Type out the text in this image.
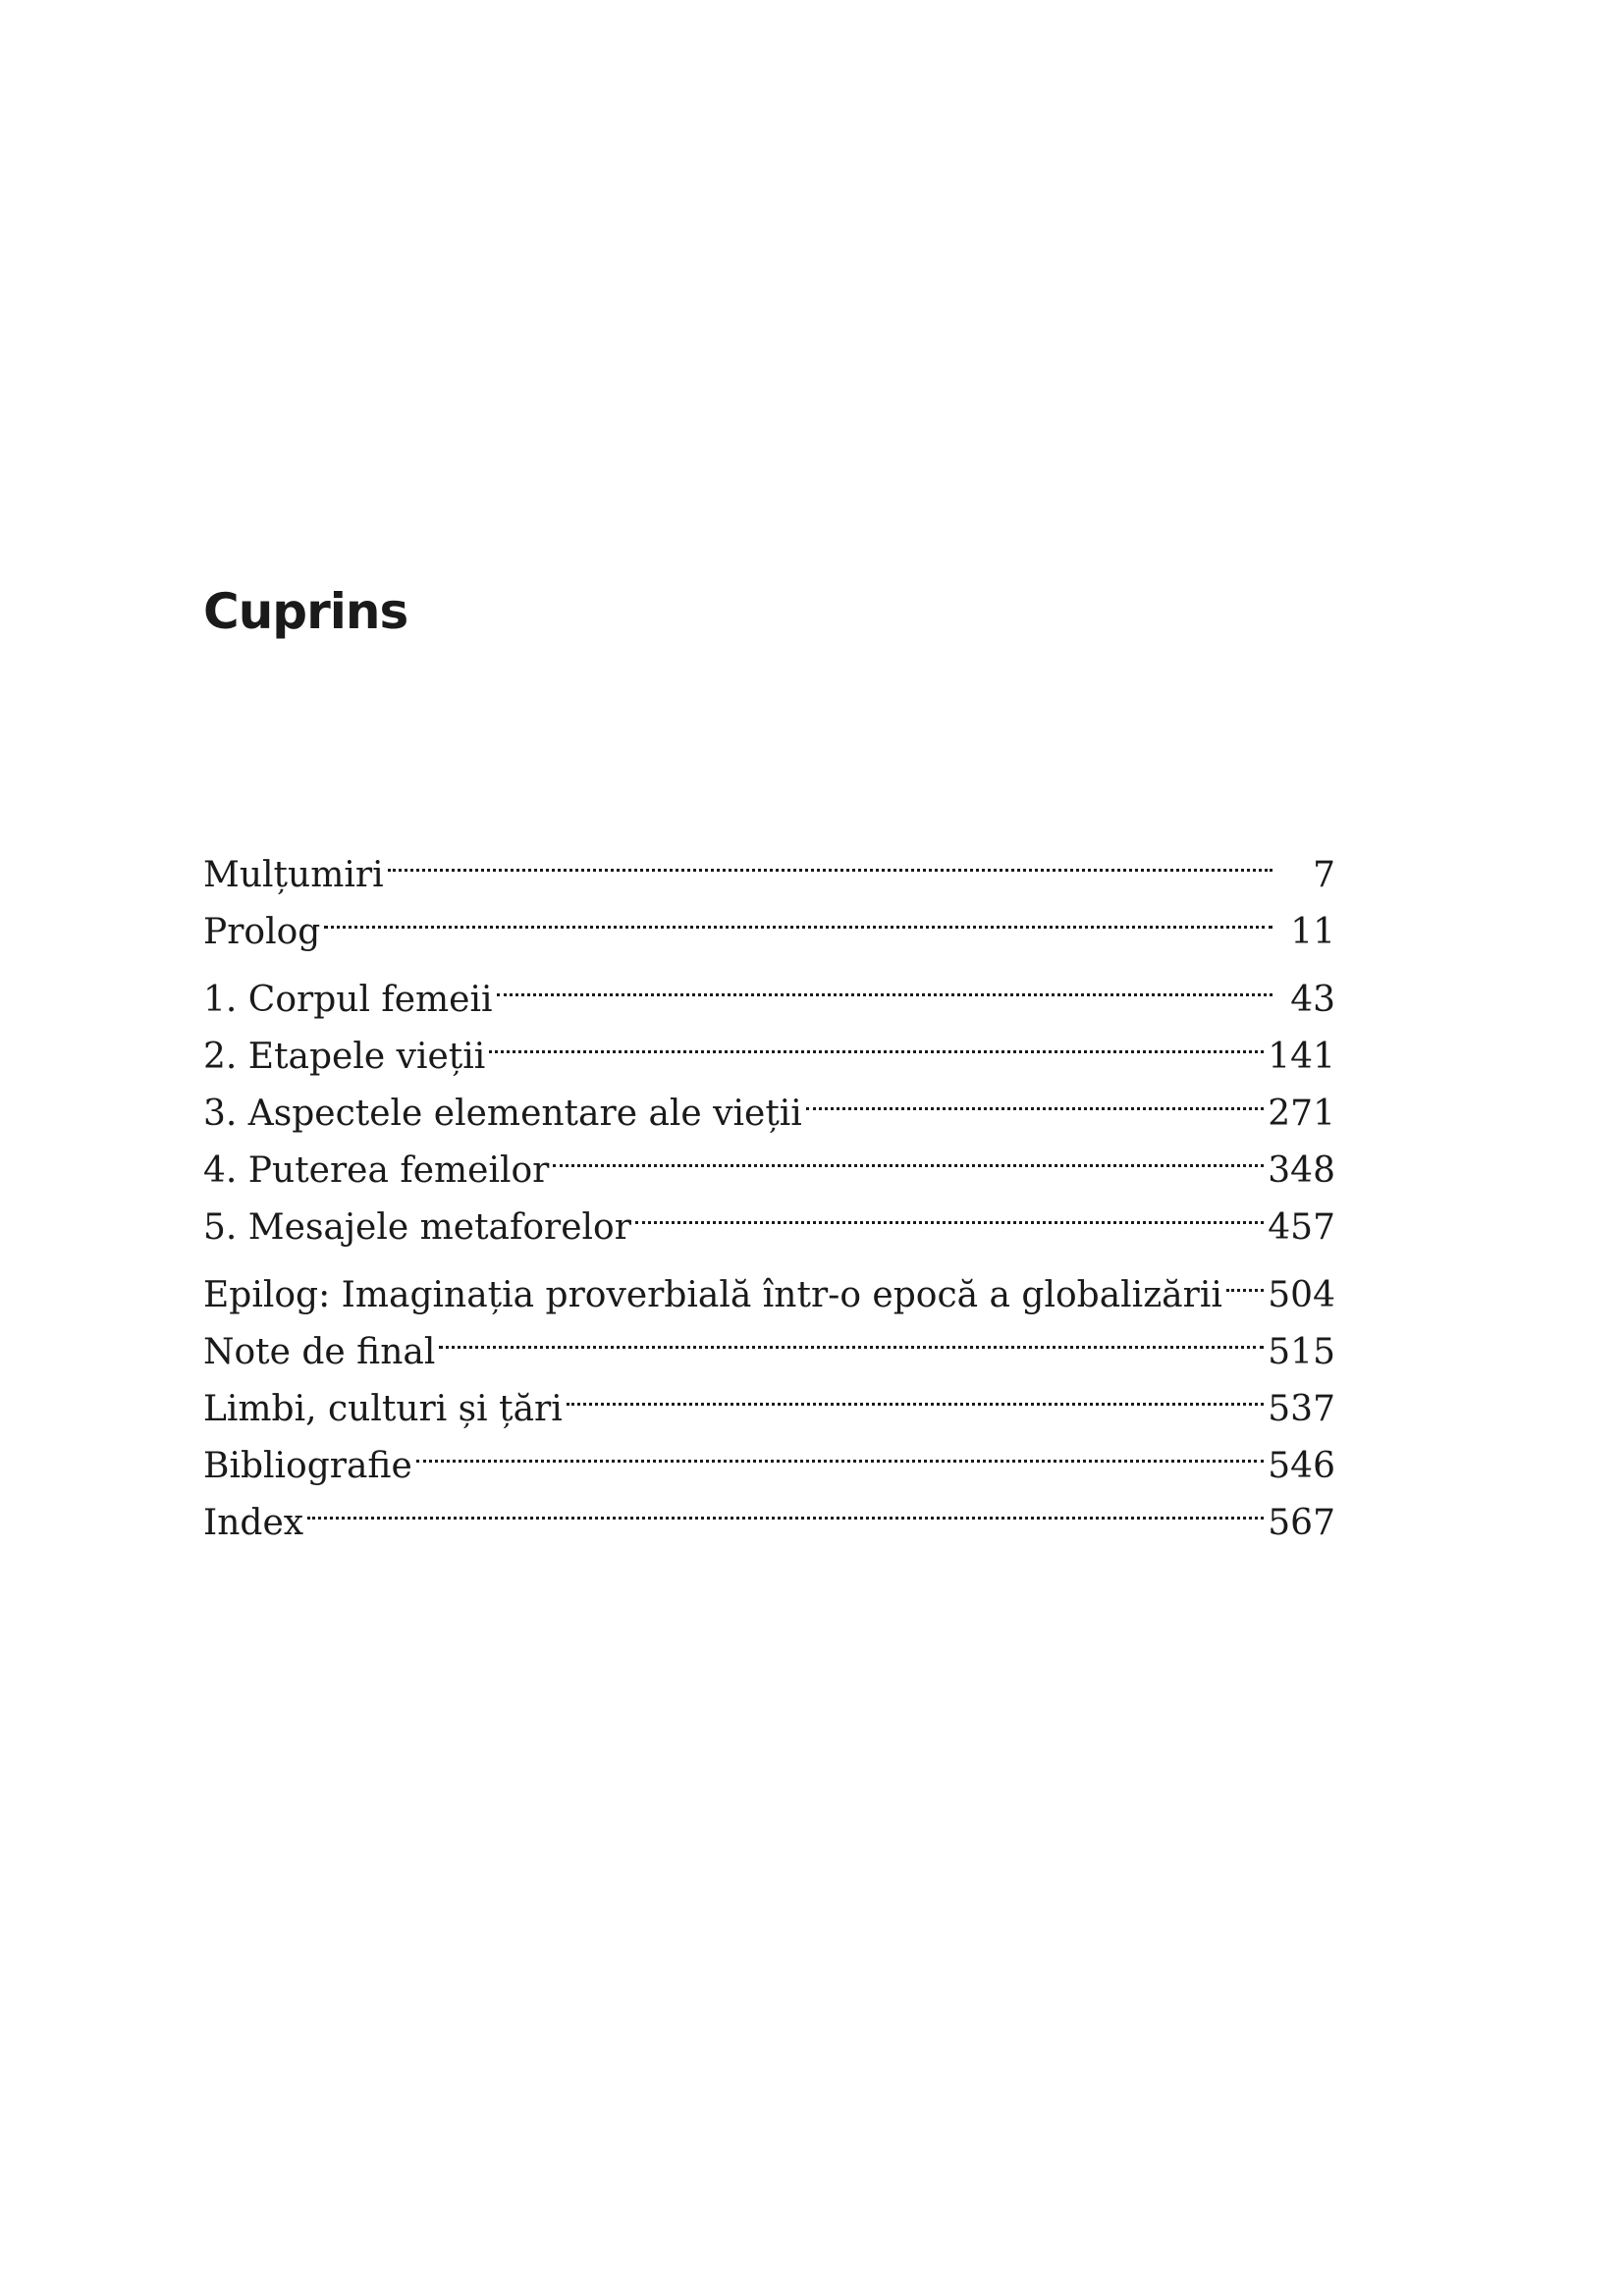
Cuprins
Mulțumiri	7
Prolog	11
1. Corpul femeii	43
2. Etapele vieții	141
3. Aspectele elementare ale vieții	271
4. Puterea femeilor	348
5. Mesajele metaforelor	457
Epilog: Imaginația proverbială într-o epocă a globalizării 504
Note de final	515
Limbi, culturi și țări	537
Bibliografie	546
Index	567
